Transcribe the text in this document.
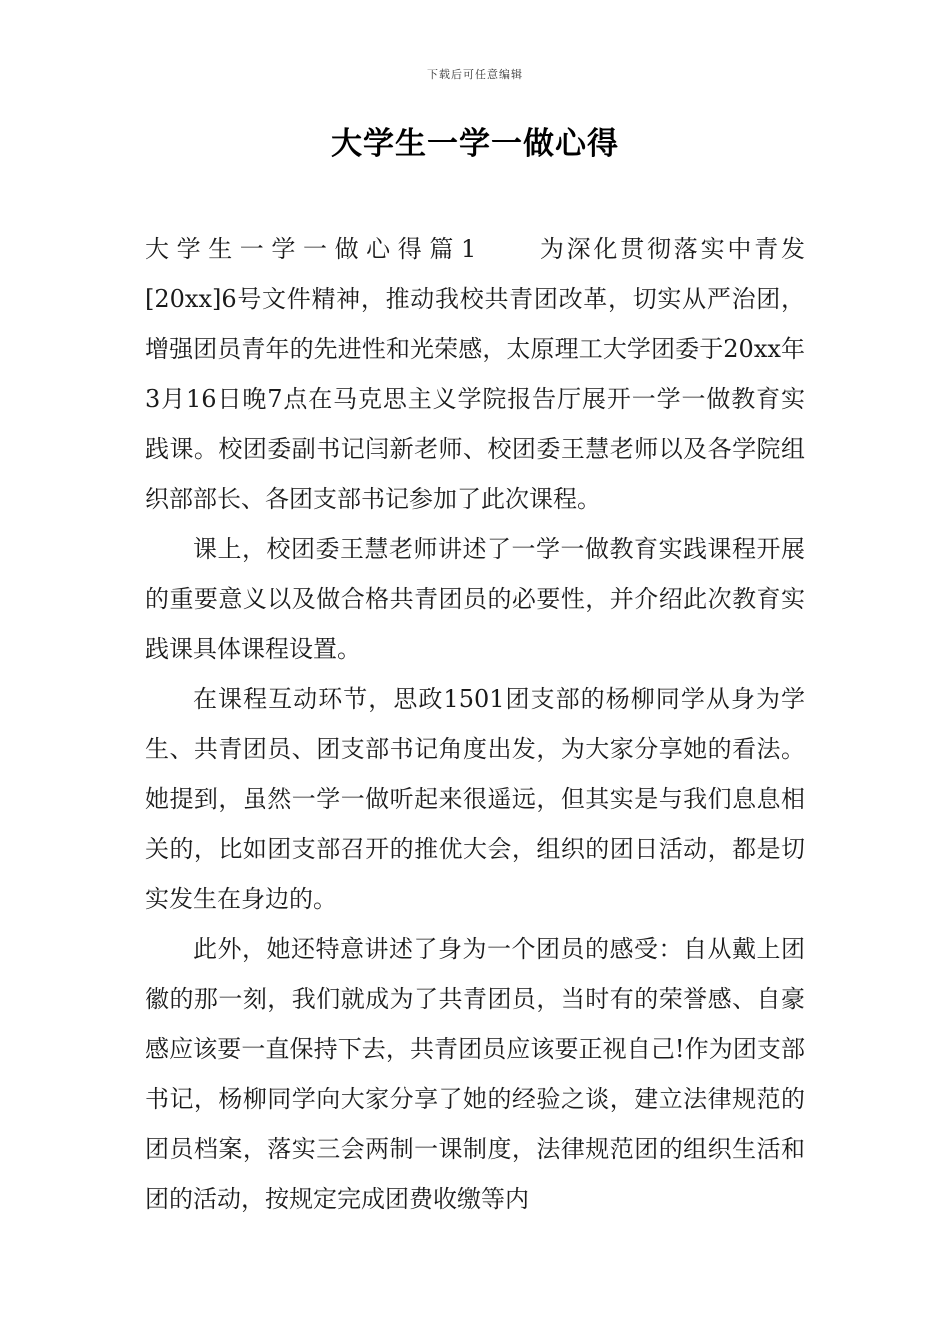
下载后可任意编辑
大学生一学一做心得

大学生一学一做心得篇1 为深化贯彻落实中青发[20xx]6号文件精神，推动我校共青团改革，切实从严治团，增强团员青年的先进性和光荣感，太原理工大学团委于20xx年3月16日晚7点在马克思主义学院报告厅展开一学一做教育实践课。校团委副书记闫新老师、校团委王慧老师以及各学院组织部部长、各团支部书记参加了此次课程。

课上，校团委王慧老师讲述了一学一做教育实践课程开展的重要意义以及做合格共青团员的必要性，并介绍此次教育实践课具体课程设置。

在课程互动环节，思政1501团支部的杨柳同学从身为学生、共青团员、团支部书记角度出发，为大家分享她的看法。她提到，虽然一学一做听起来很遥远，但其实是与我们息息相关的，比如团支部召开的推优大会，组织的团日活动，都是切实发生在身边的。

此外，她还特意讲述了身为一个团员的感受：自从戴上团徽的那一刻，我们就成为了共青团员，当时有的荣誉感、自豪感应该要一直保持下去，共青团员应该要正视自己!作为团支部书记，杨柳同学向大家分享了她的经验之谈，建立法律规范的团员档案，落实三会两制一课制度，法律规范团的组织生活和团的活动，按规定完成团费收缴等内
